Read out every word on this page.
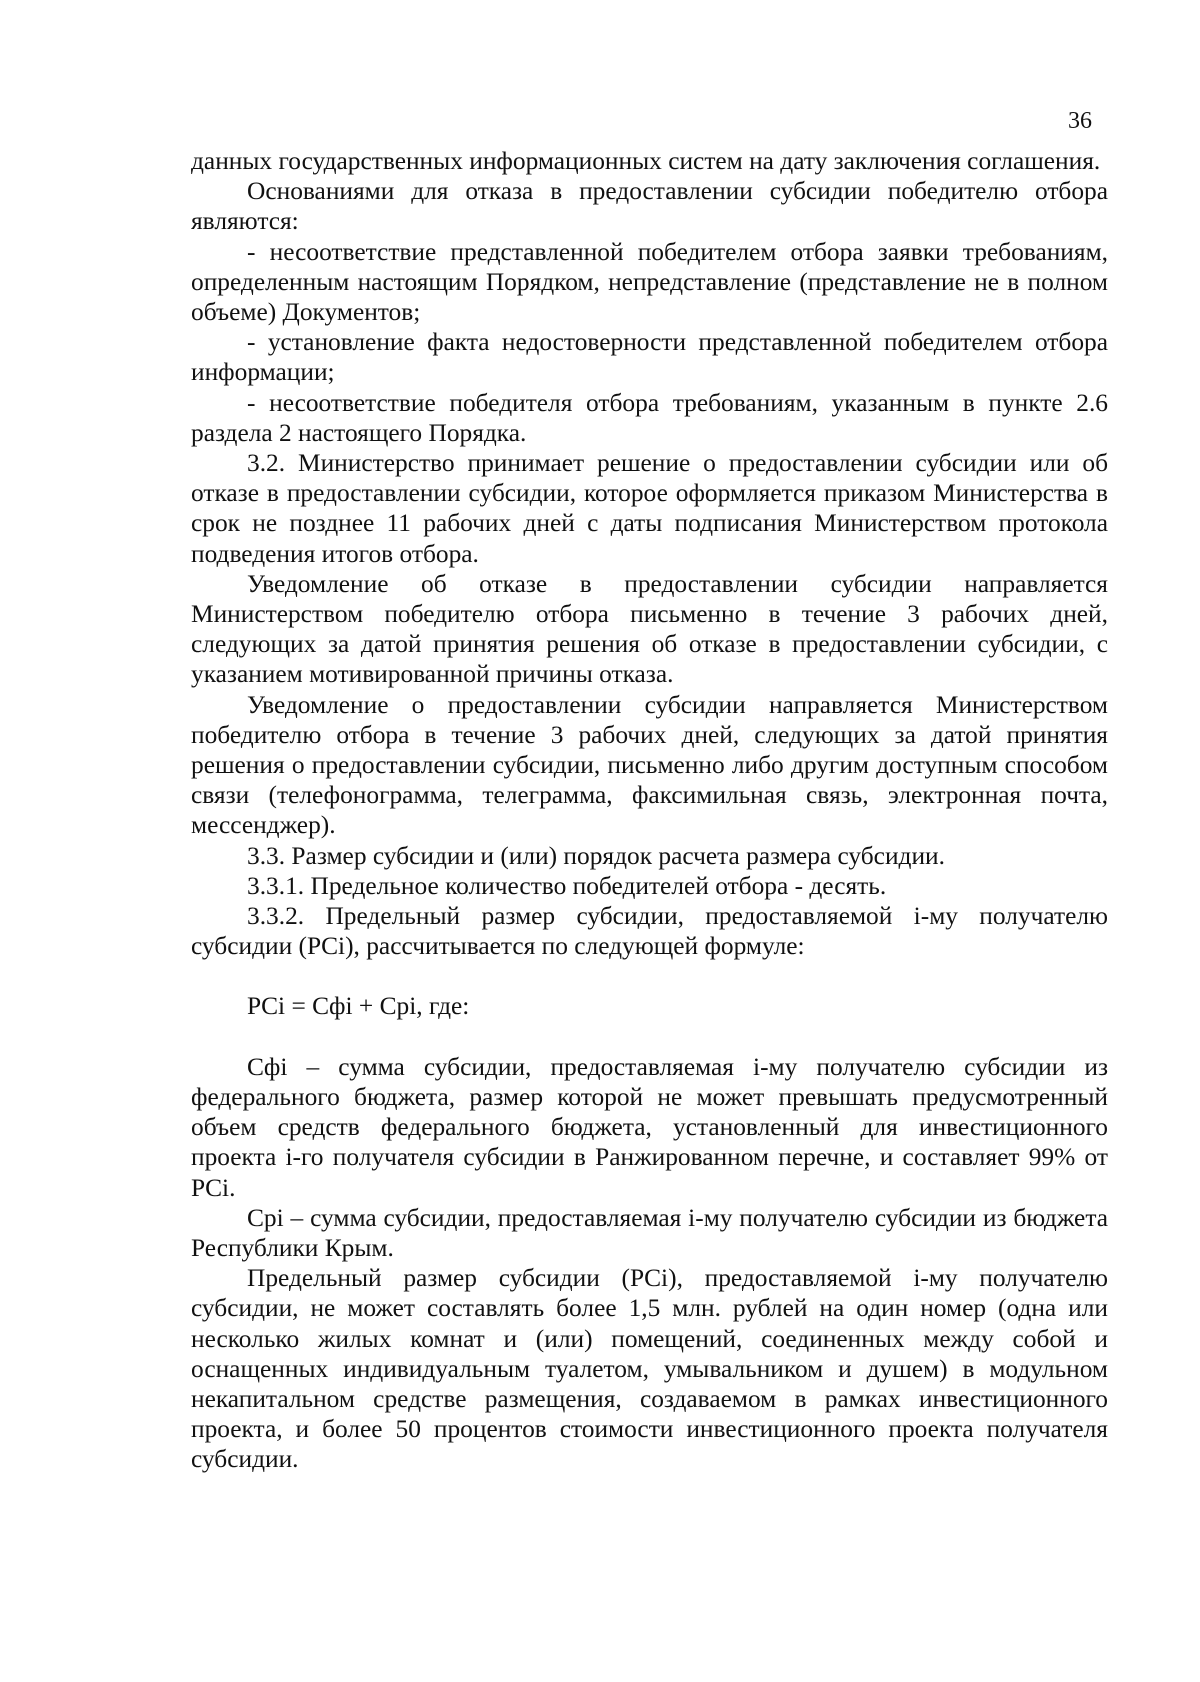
36

данных государственных информационных систем на дату заключения соглашения.

Основаниями для отказа в предоставлении субсидии победителю отбора являются:

- несоответствие представленной победителем отбора заявки требованиям, определенным настоящим Порядком, непредставление (представление не в полном объеме) Документов;

- установление факта недостоверности представленной победителем отбора информации;

- несоответствие победителя отбора требованиям, указанным в пункте 2.6 раздела 2 настоящего Порядка.

3.2. Министерство принимает решение о предоставлении субсидии или об отказе в предоставлении субсидии, которое оформляется приказом Министерства в срок не позднее 11 рабочих дней с даты подписания Министерством протокола подведения итогов отбора.

Уведомление об отказе в предоставлении субсидии направляется Министерством победителю отбора письменно в течение 3 рабочих дней, следующих за датой принятия решения об отказе в предоставлении субсидии, с указанием мотивированной причины отказа.

Уведомление о предоставлении субсидии направляется Министерством победителю отбора в течение 3 рабочих дней, следующих за датой принятия решения о предоставлении субсидии, письменно либо другим доступным способом связи (телефонограмма, телеграмма, факсимильная связь, электронная почта, мессенджер).

3.3. Размер субсидии и (или) порядок расчета размера субсидии.

3.3.1. Предельное количество победителей отбора - десять.

3.3.2. Предельный размер субсидии, предоставляемой i-му получателю субсидии (PCi), рассчитывается по следующей формуле:

PCi = Cфi + Cpi, где:

Cфi – сумма субсидии, предоставляемая i-му получателю субсидии из федерального бюджета, размер которой не может превышать предусмотренный объем средств федерального бюджета, установленный для инвестиционного проекта i-го получателя субсидии в Ранжированном перечне, и составляет 99% от PCi.

Cpi – сумма субсидии, предоставляемая i-му получателю субсидии из бюджета Республики Крым.

Предельный размер субсидии (PCi), предоставляемой i-му получателю субсидии, не может составлять более 1,5 млн. рублей на один номер (одна или несколько жилых комнат и (или) помещений, соединенных между собой и оснащенных индивидуальным туалетом, умывальником и душем) в модульном некапитальном средстве размещения, создаваемом в рамках инвестиционного проекта, и более 50 процентов стоимости инвестиционного проекта получателя субсидии.
